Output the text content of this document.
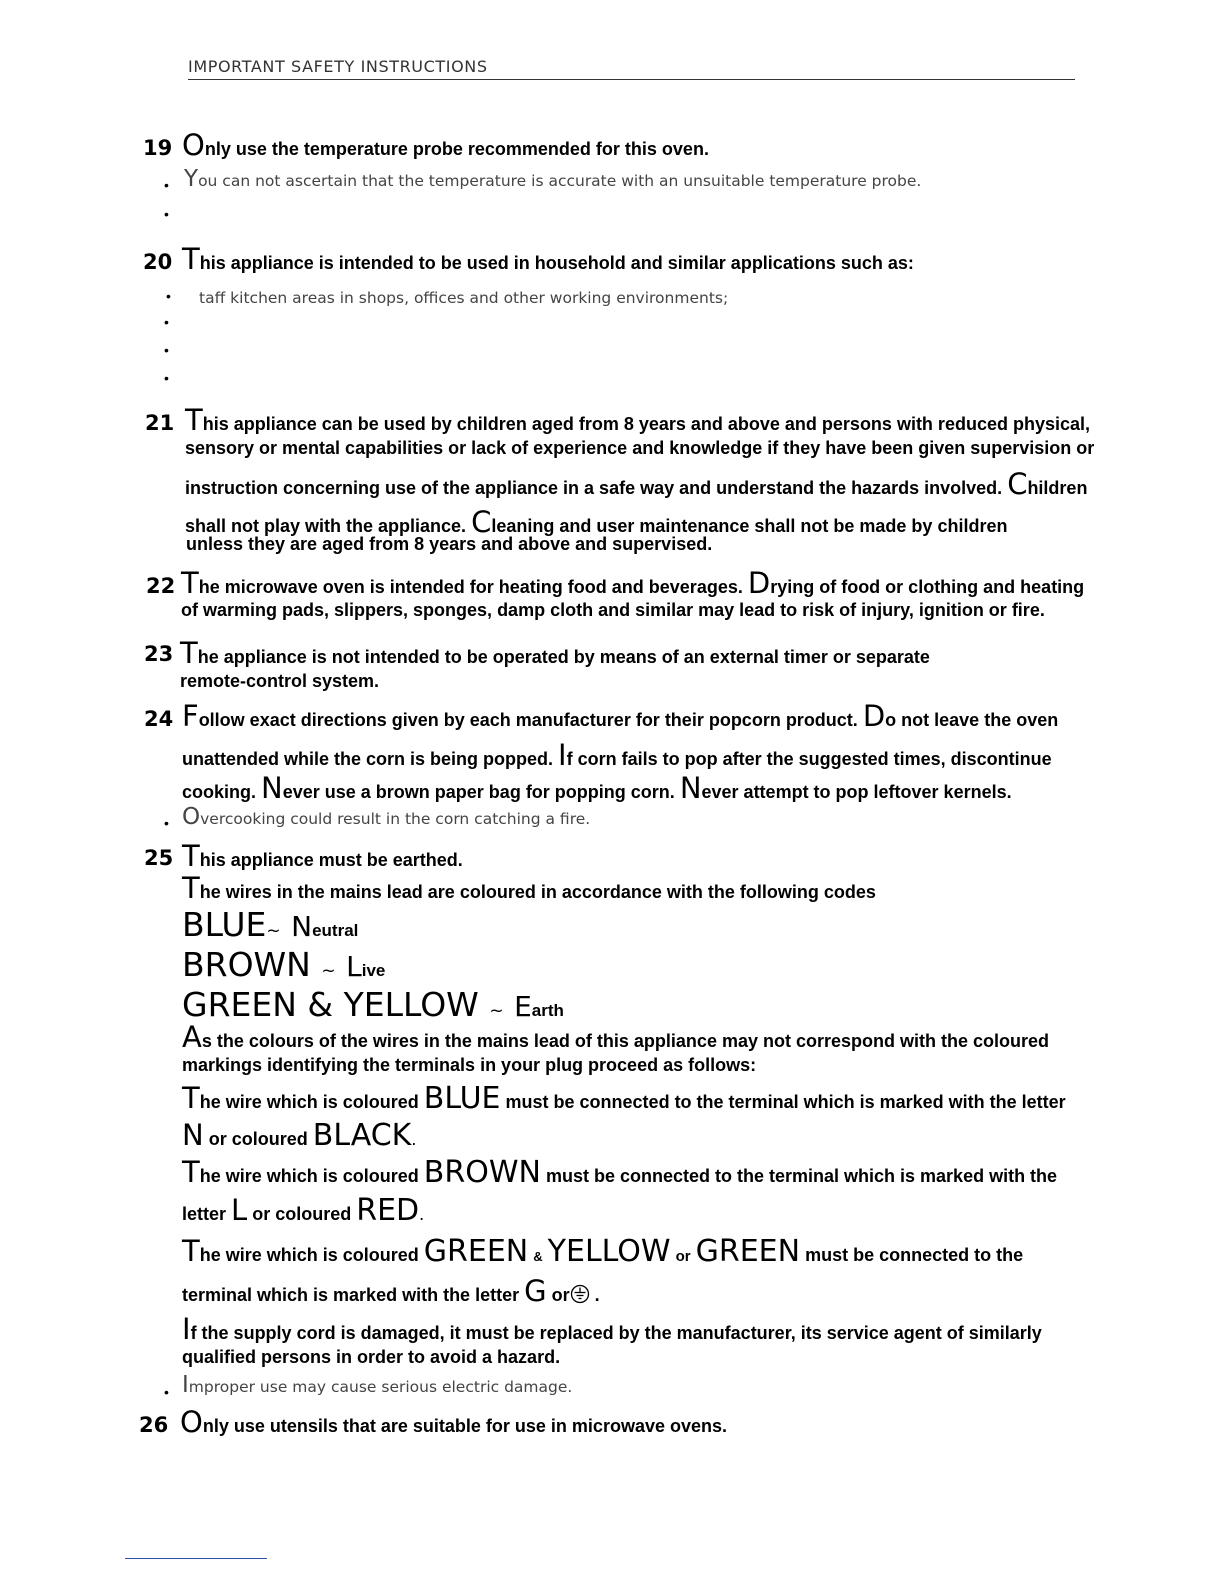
IMPORTANT SAFETY INSTRUCTIONS
19 Only use the temperature probe recommended for this oven.
• You can not ascertain that the temperature is accurate with an unsuitable temperature probe.
•
20 This appliance is intended to be used in household and similar applications such as:
• taff kitchen areas in shops, offices and other working environments;
•
•
•
21 This appliance can be used by children aged from 8 years and above and persons with reduced physical,
sensory or mental capabilities or lack of experience and knowledge if they have been given supervision or
instruction concerning use of the appliance in a safe way and understand the hazards involved. Children
shall not play with the appliance. Cleaning and user maintenance shall not be made by children
unless they are aged from 8 years and above and supervised.
22 The microwave oven is intended for heating food and beverages. Drying of food or clothing and heating
of warming pads, slippers, sponges, damp cloth and similar may lead to risk of injury, ignition or fire.
23 The appliance is not intended to be operated by means of an external timer or separate
remote-control system.
24 Follow exact directions given by each manufacturer for their popcorn product. Do not leave the oven
unattended while the corn is being popped. If corn fails to pop after the suggested times, discontinue
cooking. Never use a brown paper bag for popping corn. Never attempt to pop leftover kernels.
• Overcooking could result in the corn catching a fire.
25 This appliance must be earthed.
The wires in the mains lead are coloured in accordance with the following codes
BLUE~ Neutral
BROWN ~ Live
GREEN & YELLOW ~ Earth
As the colours of the wires in the mains lead of this appliance may not correspond with the coloured
markings identifying the terminals in your plug proceed as follows:
The wire which is coloured BLUE must be connected to the terminal which is marked with the letter
N or coloured BLACK.
The wire which is coloured BROWN must be connected to the terminal which is marked with the
letter L or coloured RED.
The wire which is coloured GREEN & YELLOW or GREEN must be connected to the
terminal which is marked with the letter G or .
If the supply cord is damaged, it must be replaced by the manufacturer, its service agent of similarly
qualified persons in order to avoid a hazard.
• Improper use may cause serious electric damage.
26 Only use utensils that are suitable for use in microwave ovens.
